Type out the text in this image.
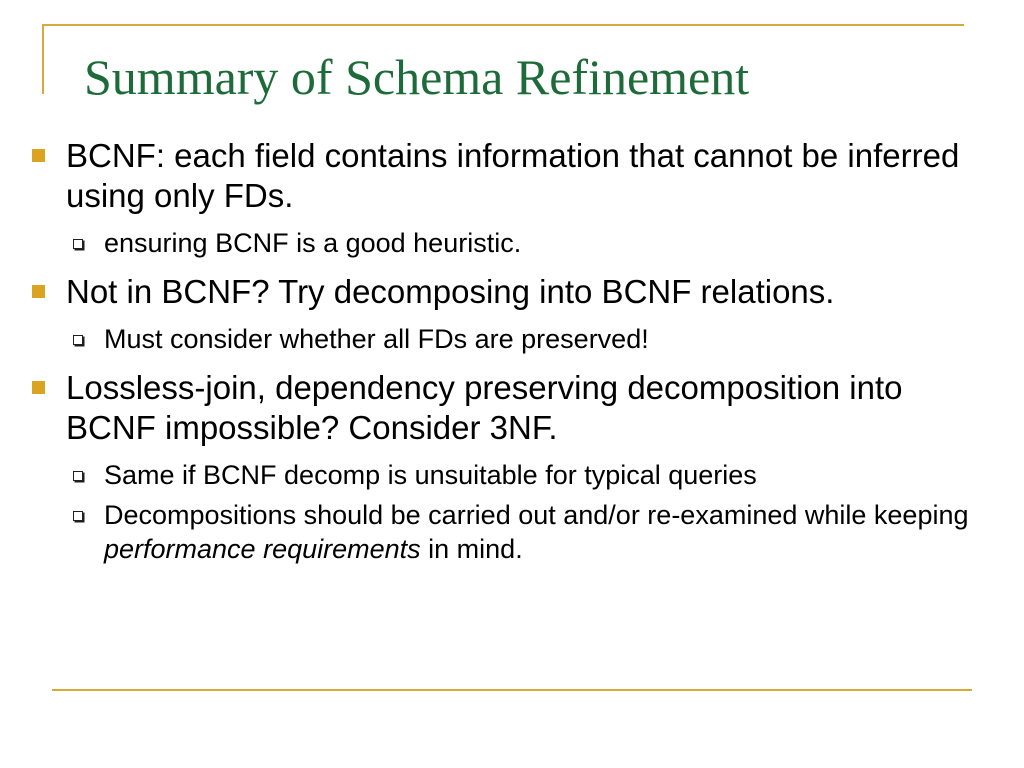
Summary of Schema Refinement
BCNF: each field contains information that cannot be inferred using only FDs.
ensuring BCNF is a good heuristic.
Not in BCNF? Try decomposing into BCNF relations.
Must consider whether all FDs are preserved!
Lossless-join, dependency preserving decomposition into BCNF impossible? Consider 3NF.
Same if BCNF decomp is unsuitable for typical queries
Decompositions should be carried out and/or re-examined while keeping performance requirements in mind.
